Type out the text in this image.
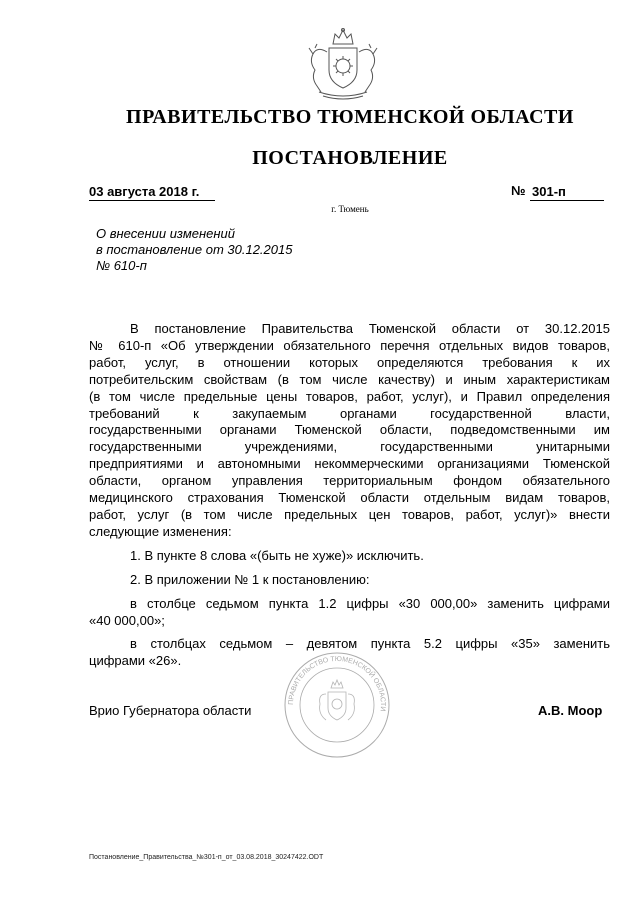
ПРАВИТЕЛЬСТВО ТЮМЕНСКОЙ ОБЛАСТИ
ПОСТАНОВЛЕНИЕ
03 августа 2018 г.	№ 301-п
г. Тюмень
О внесении изменений
в постановление от 30.12.2015
№ 610-п
В постановление Правительства Тюменской области от 30.12.2015
№ 610-п «Об утверждении обязательного перечня отдельных видов товаров,
работ, услуг, в отношении которых определяются требования к их
потребительским свойствам (в том числе качеству) и иным характеристикам
(в том числе предельные цены товаров, работ, услуг), и Правил определения
требований к закупаемым органами государственной власти,
государственными органами Тюменской области, подведомственными им
государственными учреждениями, государственными унитарными
предприятиями и автономными некоммерческими организациями Тюменской
области, органом управления территориальным фондом обязательного
медицинского страхования Тюменской области отдельным видам товаров,
работ, услуг (в том числе предельных цен товаров, работ, услуг)» внести
следующие изменения:
1. В пункте 8 слова «(быть не хуже)» исключить.
2. В приложении № 1 к постановлению:
в столбце седьмом пункта 1.2 цифры «30 000,00» заменить цифрами
«40 000,00»;
в столбцах седьмом – девятом пункта 5.2 цифры «35» заменить
цифрами «26».
ПРАВИТЕЛЬСТВО ТЮМЕНСКОЙ ОБЛАСТИ
Врио Губернатора области	А.В. Моор
Постановление_Правительства_№301-п_от_03.08.2018_30247422.ODT
